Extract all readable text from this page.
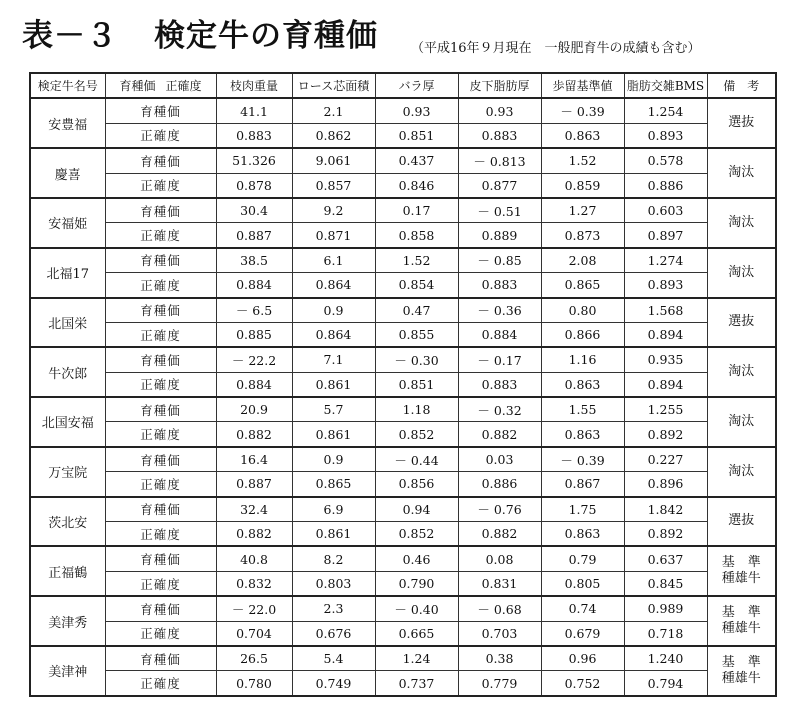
表－３ 検定牛の育種価	（平成16年９月現在　一般肥育牛の成績も含む）
検定牛名号	育種価 正確度	枝肉重量	ロース芯面積	バラ厚	皮下脂肪厚	歩留基準値	脂肪交雑BMS	備　考
安豊福	育種価	41.1	2.1	0.93	0.93	－ 0.39	1.254	選抜
	正確度	0.883	0.862	0.851	0.883	0.863	0.893	
慶喜	育種価	51.326	9.061	0.437	－ 0.813	1.52	0.578	淘汰
	正確度	0.878	0.857	0.846	0.877	0.859	0.886	
安福姫	育種価	30.4	9.2	0.17	－ 0.51	1.27	0.603	淘汰
	正確度	0.887	0.871	0.858	0.889	0.873	0.897	
北福17	育種価	38.5	6.1	1.52	－ 0.85	2.08	1.274	淘汰
	正確度	0.884	0.864	0.854	0.883	0.865	0.893	
北国栄	育種価	－ 6.5	0.9	0.47	－ 0.36	0.80	1.568	選抜
	正確度	0.885	0.864	0.855	0.884	0.866	0.894	
牛次郎	育種価	－ 22.2	7.1	－ 0.30	－ 0.17	1.16	0.935	淘汰
	正確度	0.884	0.861	0.851	0.883	0.863	0.894	
北国安福	育種価	20.9	5.7	1.18	－ 0.32	1.55	1.255	淘汰
	正確度	0.882	0.861	0.852	0.882	0.863	0.892	
万宝院	育種価	16.4	0.9	－ 0.44	0.03	－ 0.39	0.227	淘汰
	正確度	0.887	0.865	0.856	0.886	0.867	0.896	
茨北安	育種価	32.4	6.9	0.94	－ 0.76	1.75	1.842	選抜
	正確度	0.882	0.861	0.852	0.882	0.863	0.892	
正福鶴	育種価	40.8	8.2	0.46	0.08	0.79	0.637	基　準
種雄牛
	正確度	0.832	0.803	0.790	0.831	0.805	0.845	
美津秀	育種価	－ 22.0	2.3	－ 0.40	－ 0.68	0.74	0.989	基　準
種雄牛
	正確度	0.704	0.676	0.665	0.703	0.679	0.718	
美津神	育種価	26.5	5.4	1.24	0.38	0.96	1.240	基　準
種雄牛
	正確度	0.780	0.749	0.737	0.779	0.752	0.794	
